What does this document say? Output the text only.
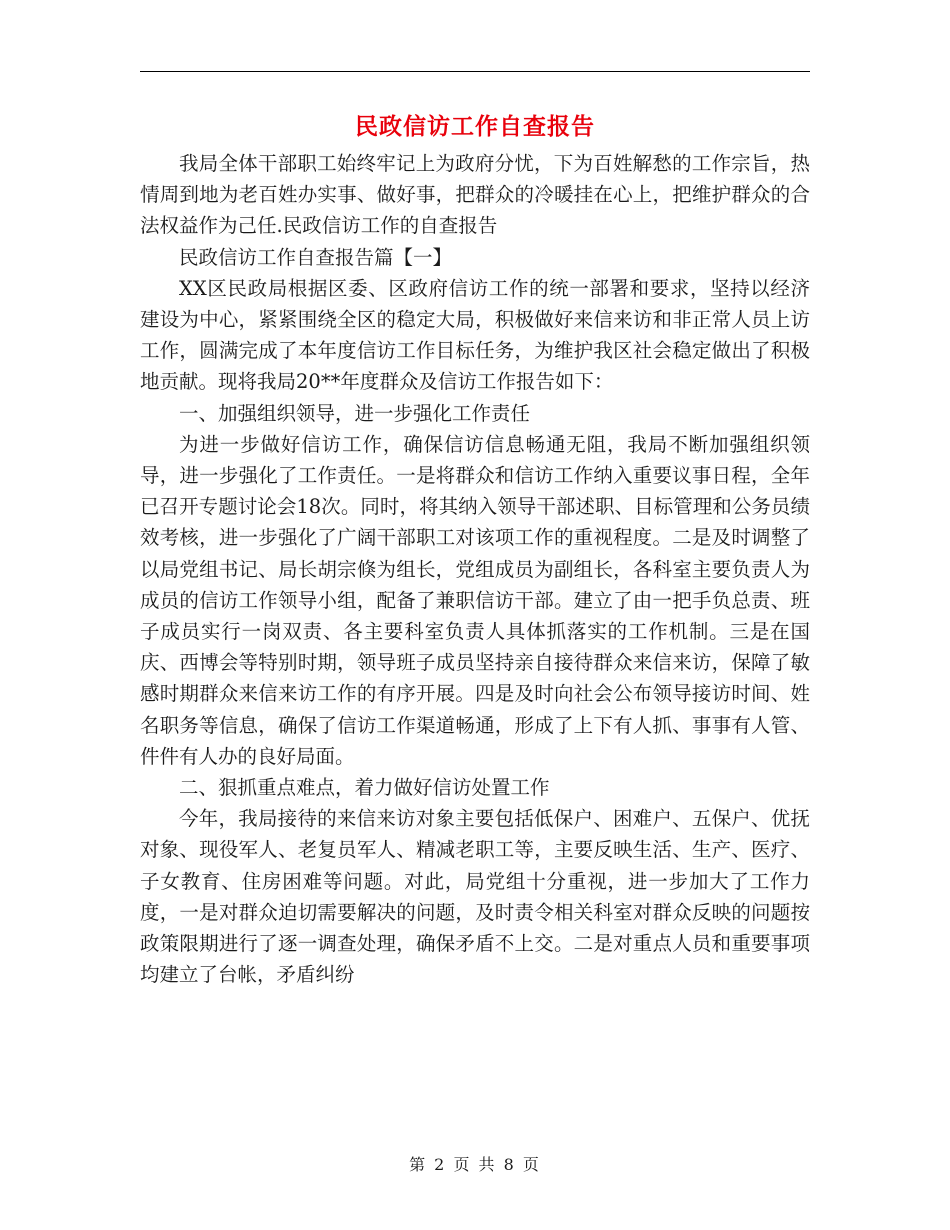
民政信访工作自查报告

我局全体干部职工始终牢记上为政府分忧，下为百姓解愁的工作宗旨，热情周到地为老百姓办实事、做好事，把群众的冷暖挂在心上，把维护群众的合法权益作为己任.民政信访工作的自查报告

民政信访工作自查报告篇【一】

XX区民政局根据区委、区政府信访工作的统一部署和要求，坚持以经济建设为中心，紧紧围绕全区的稳定大局，积极做好来信来访和非正常人员上访工作，圆满完成了本年度信访工作目标任务，为维护我区社会稳定做出了积极地贡献。现将我局20**年度群众及信访工作报告如下：

一、加强组织领导，进一步强化工作责任

为进一步做好信访工作，确保信访信息畅通无阻，我局不断加强组织领导，进一步强化了工作责任。一是将群众和信访工作纳入重要议事日程，全年已召开专题讨论会18次。同时，将其纳入领导干部述职、目标管理和公务员绩效考核，进一步强化了广阔干部职工对该项工作的重视程度。二是及时调整了以局党组书记、局长胡宗倏为组长，党组成员为副组长，各科室主要负责人为成员的信访工作领导小组，配备了兼职信访干部。建立了由一把手负总责、班子成员实行一岗双责、各主要科室负责人具体抓落实的工作机制。三是在国庆、西博会等特别时期，领导班子成员坚持亲自接待群众来信来访，保障了敏感时期群众来信来访工作的有序开展。四是及时向社会公布领导接访时间、姓名职务等信息，确保了信访工作渠道畅通，形成了上下有人抓、事事有人管、件件有人办的良好局面。

二、狠抓重点难点，着力做好信访处置工作

今年，我局接待的来信来访对象主要包括低保户、困难户、五保户、优抚对象、现役军人、老复员军人、精减老职工等，主要反映生活、生产、医疗、子女教育、住房困难等问题。对此，局党组十分重视，进一步加大了工作力度，一是对群众迫切需要解决的问题，及时责令相关科室对群众反映的问题按政策限期进行了逐一调查处理，确保矛盾不上交。二是对重点人员和重要事项均建立了台帐，矛盾纠纷

第 2 页 共 8 页
